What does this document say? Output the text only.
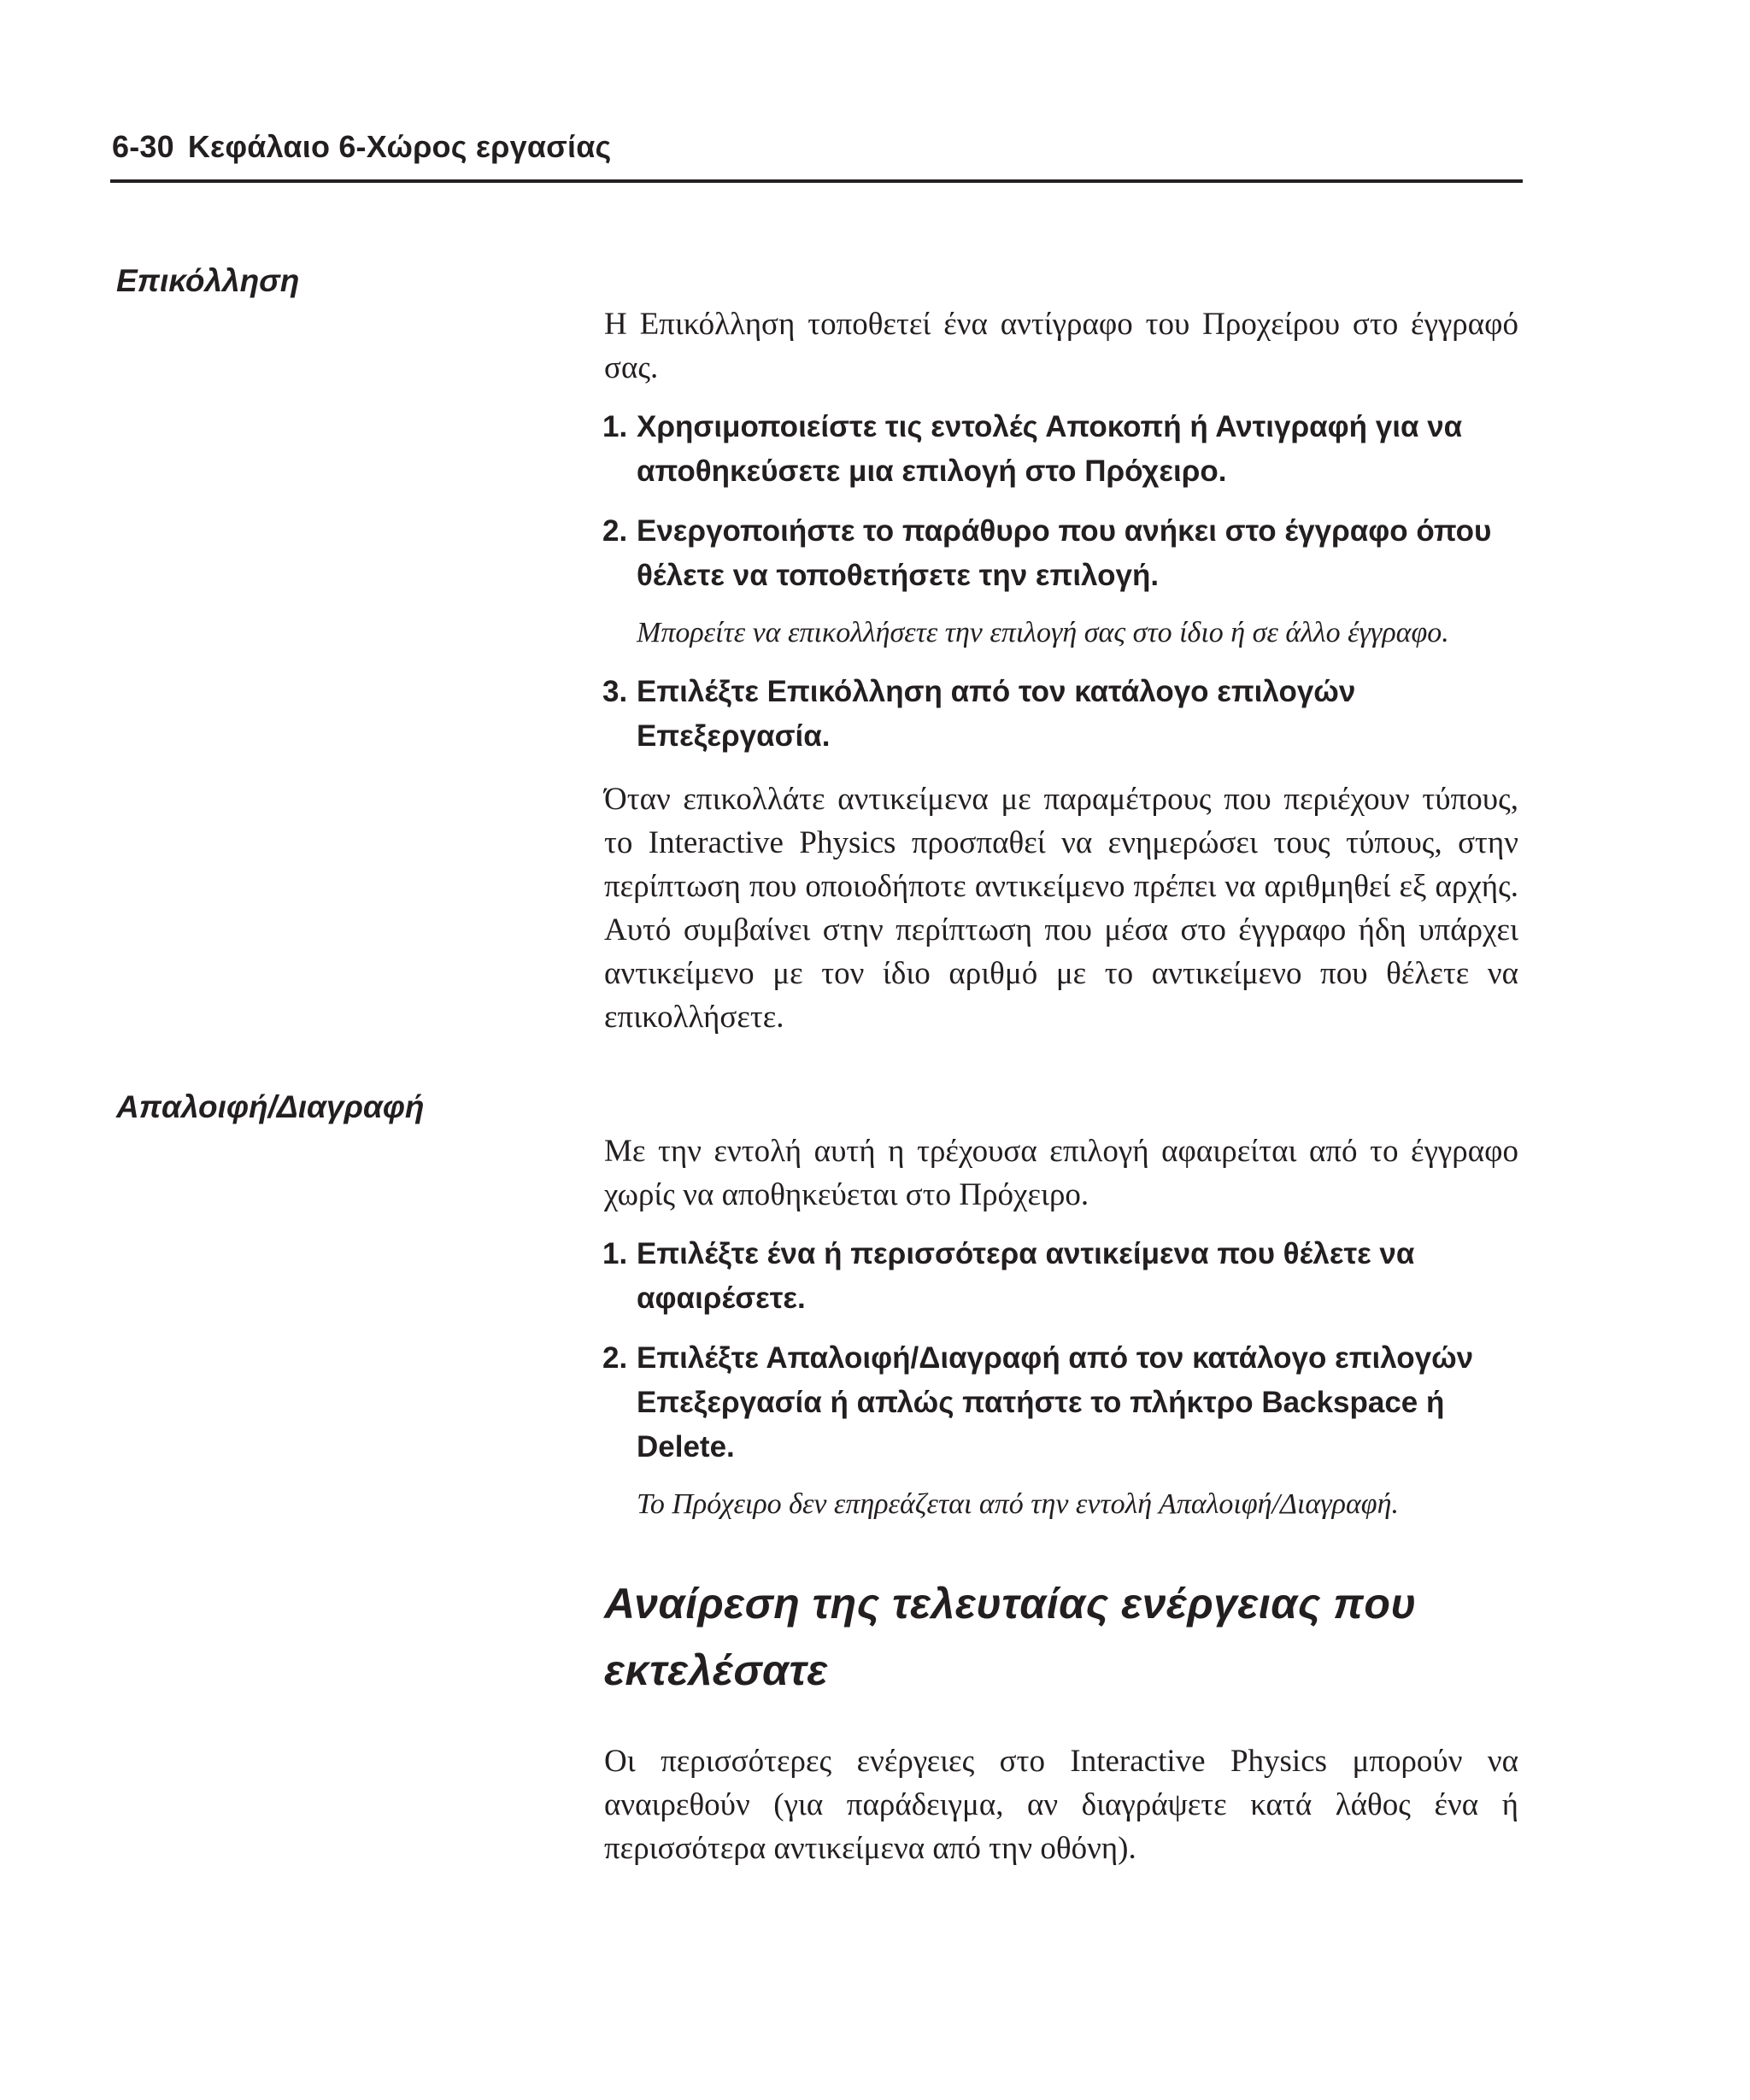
6-30 Κεφάλαιο 6-Χώρος εργασίας
Επικόλληση

Η Επικόλληση τοποθετεί ένα αντίγραφο του Προχείρου στο έγγραφό σας.

1. Χρησιμοποιείστε τις εντολές Αποκοπή ή Αντιγραφή για να αποθηκεύσετε μια επιλογή στο Πρόχειρο.
2. Ενεργοποιήστε το παράθυρο που ανήκει στο έγγραφο όπου θέλετε να τοποθετήσετε την επιλογή.

Μπορείτε να επικολλήσετε την επιλογή σας στο ίδιο ή σε άλλο έγγραφο.

3. Επιλέξτε Επικόλληση από τον κατάλογο επιλογών Επεξεργασία.

Όταν επικολλάτε αντικείμενα με παραμέτρους που περιέχουν τύπους, το Interactive Physics προσπαθεί να ενημερώσει τους τύπους, στην περίπτωση που οποιοδήποτε αντικείμενο πρέπει να αριθμηθεί εξ αρχής. Αυτό συμβαίνει στην περίπτωση που μέσα στο έγγραφο ήδη υπάρχει αντικείμενο με τον ίδιο αριθμό με το αντικείμενο που θέλετε να επικολλήσετε.

Απαλοιφή/Διαγραφή

Με την εντολή αυτή η τρέχουσα επιλογή αφαιρείται από το έγγραφο χωρίς να αποθηκεύεται στο Πρόχειρο.

1. Επιλέξτε ένα ή περισσότερα αντικείμενα που θέλετε να αφαιρέσετε.
2. Επιλέξτε Απαλοιφή/Διαγραφή από τον κατάλογο επιλογών Επεξεργασία ή απλώς πατήστε το πλήκτρο Backspace ή Delete.

Το Πρόχειρο δεν επηρεάζεται από την εντολή Απαλοιφή/Διαγραφή.

Αναίρεση της τελευταίας ενέργειας που εκτελέσατε

Οι περισσότερες ενέργειες στο Interactive Physics μπορούν να αναιρεθούν (για παράδειγμα, αν διαγράψετε κατά λάθος ένα ή περισσότερα αντικείμενα από την οθόνη).
